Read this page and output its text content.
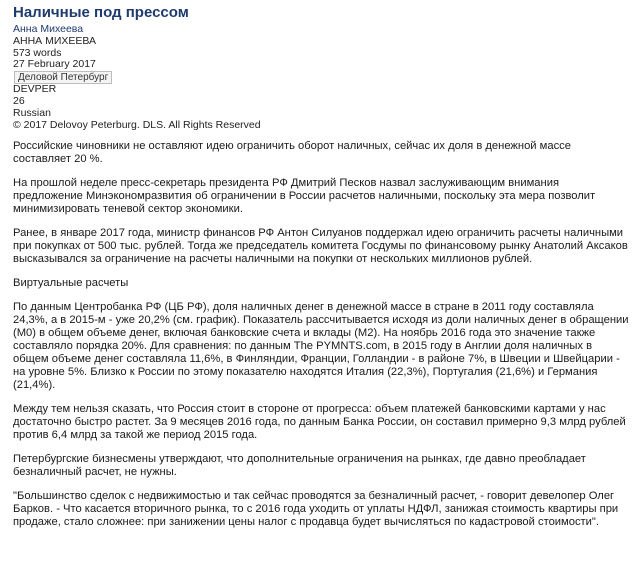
Наличные под прессом
Анна Михеева
АННА МИХЕЕВА
573 words
27 February 2017
Деловой Петербург
DEVPER
26
Russian
© 2017 Delovoy Peterburg. DLS. All Rights Reserved

Российские чиновники не оставляют идею ограничить оборот наличных, сейчас их доля в денежной массе составляет 20 %.

На прошлой неделе пресс-секретарь президента РФ Дмитрий Песков назвал заслуживающим внимания предложение Минэкономразвития об ограничении в России расчетов наличными, поскольку эта мера позволит минимизировать теневой сектор экономики.

Ранее, в январе 2017 года, министр финансов РФ Антон Силуанов поддержал идею ограничить расчеты наличными при покупках от 500 тыс. рублей. Тогда же председатель комитета Госдумы по финансовому рынку Анатолий Аксаков высказывался за ограничение на расчеты наличными на покупки от нескольких миллионов рублей.

Виртуальные расчеты

По данным Центробанка РФ (ЦБ РФ), доля наличных денег в денежной массе в стране в 2011 году составляла 24,3%, а в 2015-м - уже 20,2% (см. график). Показатель рассчитывается исходя из доли наличных денег в обращении (М0) в общем объеме денег, включая банковские счета и вклады (М2). На ноябрь 2016 года это значение также составляло порядка 20%. Для сравнения: по данным The PYMNTS.com, в 2015 году в Англии доля наличных в общем объеме денег составляла 11,6%, в Финляндии, Франции, Голландии - в районе 7%, в Швеции и Швейцарии - на уровне 5%. Близко к России по этому показателю находятся Италия (22,3%), Португалия (21,6%) и Германия (21,4%).

Между тем нельзя сказать, что Россия стоит в стороне от прогресса: объем платежей банковскими картами у нас достаточно быстро растет. За 9 месяцев 2016 года, по данным Банка России, он составил примерно 9,3 млрд рублей против 6,4 млрд за такой же период 2015 года.

Петербургские бизнесмены утверждают, что дополнительные ограничения на рынках, где давно преобладает безналичный расчет, не нужны.

"Большинство сделок с недвижимостью и так сейчас проводятся за безналичный расчет, - говорит девелопер Олег Барков. - Что касается вторичного рынка, то с 2016 года уходить от уплаты НДФЛ, занижая стоимость квартиры при продаже, стало сложнее: при занижении цены налог с продавца будет вычисляться по кадастровой стоимости".
